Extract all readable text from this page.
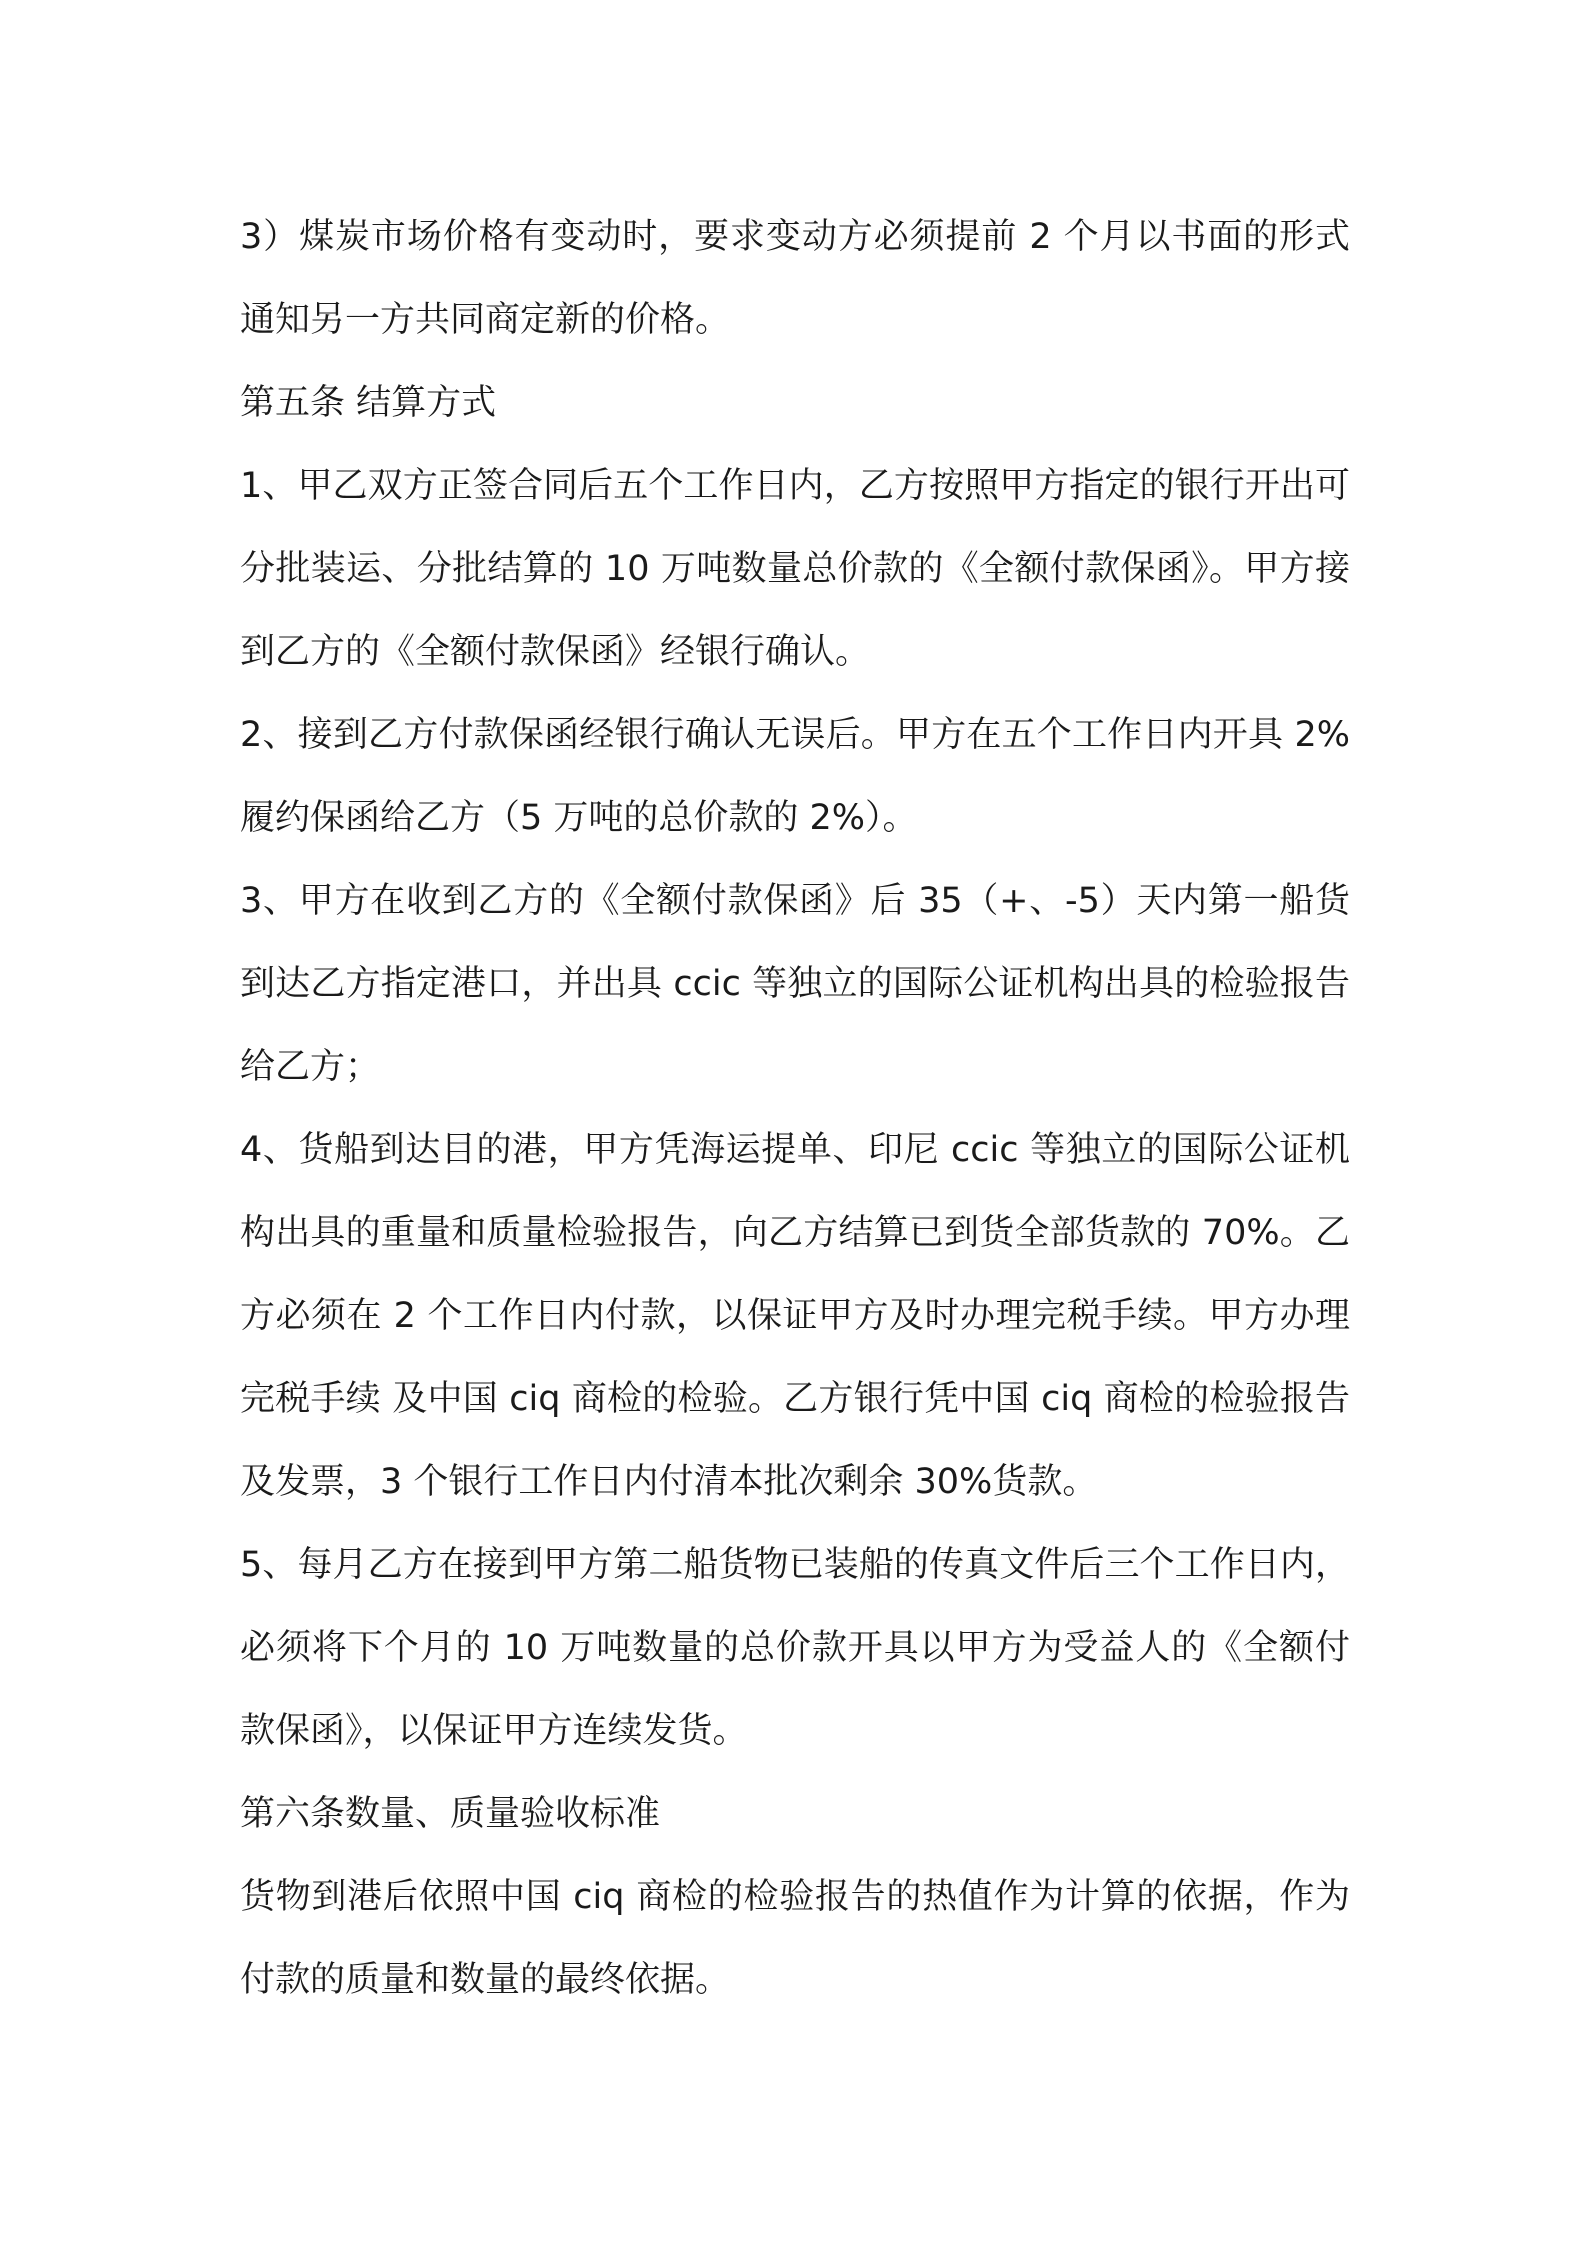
3）煤炭市场价格有变动时，要求变动方必须提前 2 个月以书面的形式通知另一方共同商定新的价格。

第五条 结算方式

1、甲乙双方正签合同后五个工作日内，乙方按照甲方指定的银行开出可分批装运、分批结算的 10 万吨数量总价款的《全额付款保函》。甲方接到乙方的《全额付款保函》经银行确认。

2、接到乙方付款保函经银行确认无误后。甲方在五个工作日内开具 2%履约保函给乙方（5 万吨的总价款的 2%）。

3、甲方在收到乙方的《全额付款保函》后 35（+、-5）天内第一船货到达乙方指定港口，并出具 ccic 等独立的国际公证机构出具的检验报告给乙方；

4、货船到达目的港，甲方凭海运提单、印尼 ccic 等独立的国际公证机构出具的重量和质量检验报告，向乙方结算已到货全部货款的 70%。乙方必须在 2 个工作日内付款，以保证甲方及时办理完税手续。甲方办理完税手续 及中国 ciq 商检的检验。乙方银行凭中国 ciq 商检的检验报告及发票，3 个银行工作日内付清本批次剩余 30%货款。

5、每月乙方在接到甲方第二船货物已装船的传真文件后三个工作日内，必须将下个月的 10 万吨数量的总价款开具以甲方为受益人的《全额付款保函》，以保证甲方连续发货。

第六条数量、质量验收标准

货物到港后依照中国 ciq 商检的检验报告的热值作为计算的依据，作为付款的质量和数量的最终依据。
